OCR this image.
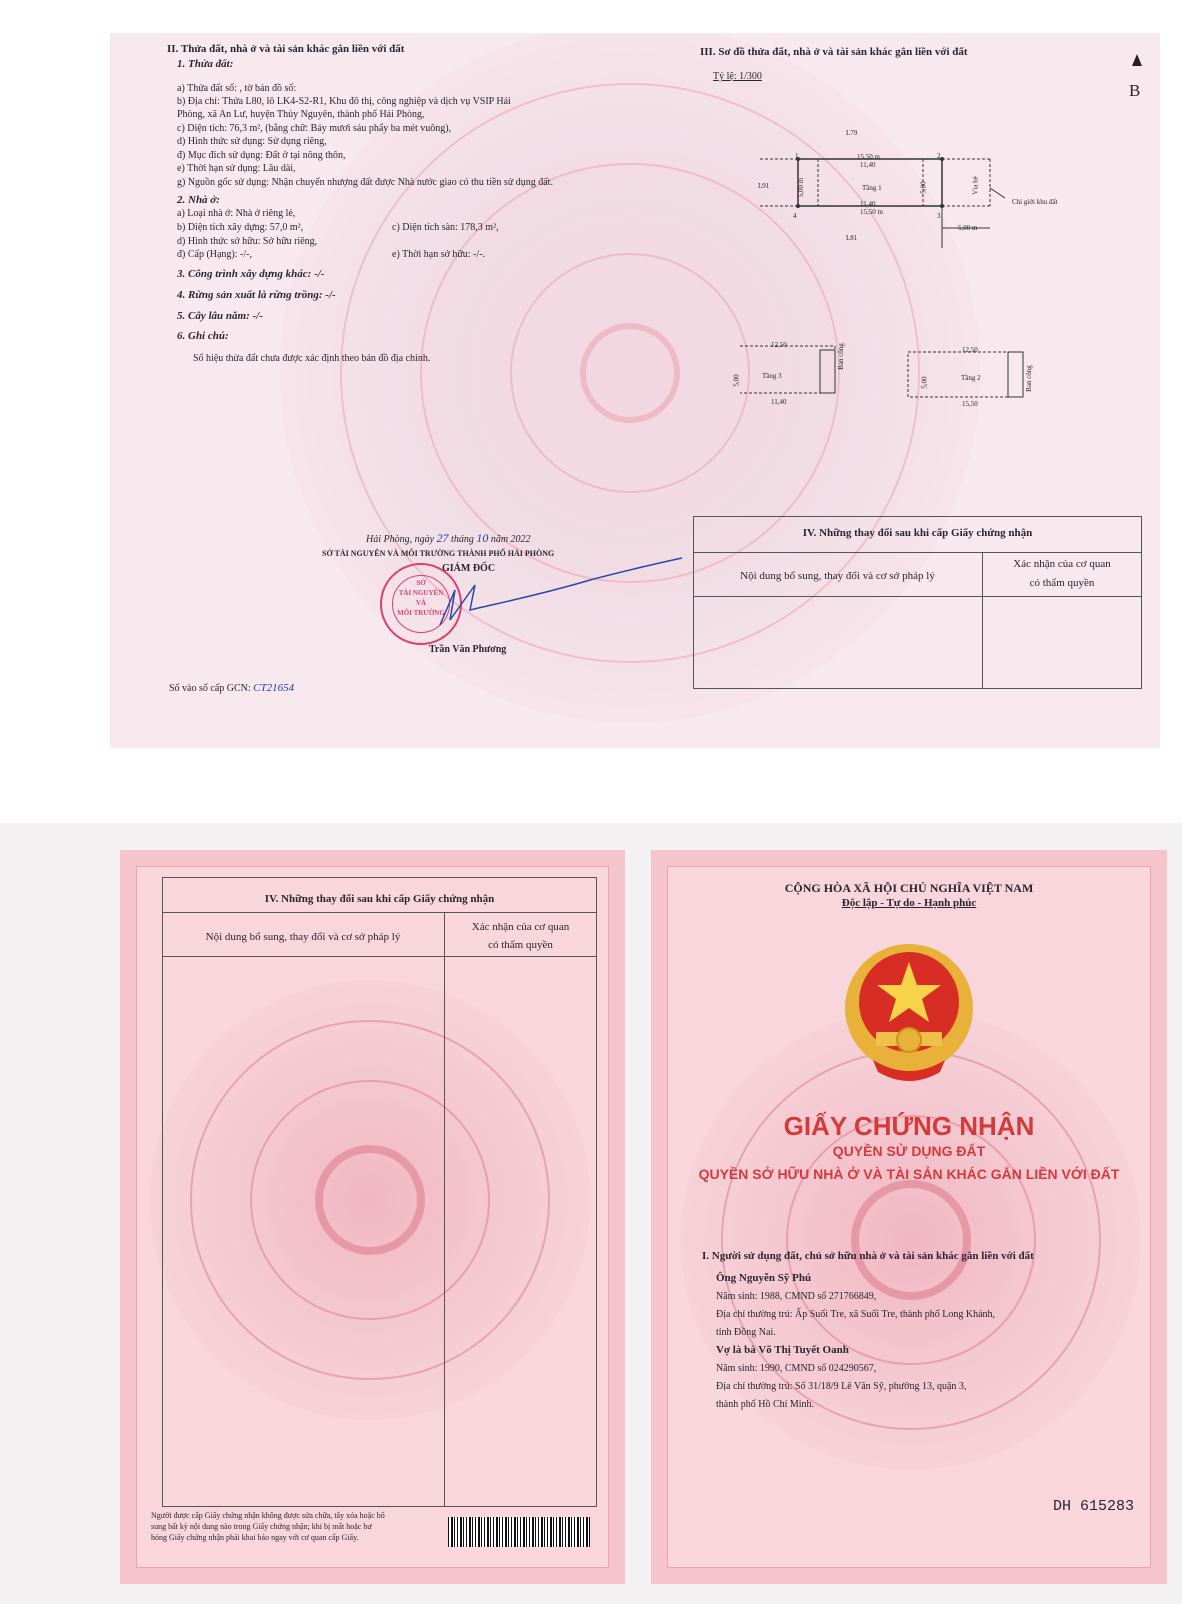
II. Thửa đất, nhà ở và tài sản khác gắn liền với đất
1. Thửa đất:
a) Thửa đất số: , tờ bản đồ số:
b) Địa chỉ: Thửa L80, lô LK4-S2-R1, Khu đô thị, công nghiệp và dịch vụ VSIP Hải
Phòng, xã An Lư, huyện Thủy Nguyên, thành phố Hải Phòng,
c) Diện tích: 76,3 m², (bằng chữ: Bảy mươi sáu phẩy ba mét vuông),
d) Hình thức sử dụng: Sử dụng riêng,
đ) Mục đích sử dụng: Đất ở tại nông thôn,
e) Thời hạn sử dụng: Lâu dài,
g) Nguồn gốc sử dụng: Nhận chuyển nhượng đất được Nhà nước giao có thu tiền sử dụng đất.
2. Nhà ở:
a) Loại nhà ở: Nhà ở riêng lẻ,
b) Diện tích xây dựng: 57,0 m²,	c) Diện tích sàn: 178,3 m²,
d) Hình thức sở hữu: Sở hữu riêng,
đ) Cấp (Hạng): -/-,	e) Thời hạn sở hữu: -/-.
3. Công trình xây dựng khác: -/-
4. Rừng sản xuất là rừng trồng: -/-
5. Cây lâu năm: -/-
6. Ghi chú:
Số hiệu thửa đất chưa được xác định theo bản đồ địa chính.
Hải Phòng, ngày 27 tháng 10 năm 2022
SỞ TÀI NGUYÊN VÀ MÔI TRƯỜNG THÀNH PHỐ HẢI PHÒNG
GIÁM ĐỐC
SỞ
TÀI NGUYÊN
VÀ
MÔI TRƯỜNG
Trần Văn Phương
Số vào sổ cấp GCN: CT21654
III. Sơ đồ thửa đất, nhà ở và tài sản khác gắn liền với đất
Tỷ lệ: 1/300
B
L79
L81
L91	Tầng 1	Vỉa hè
Chỉ giới khu đất
1	2
3
4
15,50 m
11,40
11,40
15,50 m
5,00 m
5,00 m	5,00
Tầng 3
12,50
11,40
Tầng 2
12,50
15,50
Ban công
Ban công
5,00	5,00
IV. Những thay đổi sau khi cấp Giấy chứng nhận
Nội dung bổ sung, thay đổi và cơ sở pháp lý
Xác nhận của cơ quan
có thẩm quyền
IV. Những thay đổi sau khi cấp Giấy chứng nhận
Nội dung bổ sung, thay đổi và cơ sở pháp lý
Xác nhận của cơ quan
có thẩm quyền
Người được cấp Giấy chứng nhận không được sửa chữa, tẩy xóa hoặc bổ
sung bất kỳ nội dung nào trong Giấy chứng nhận; khi bị mất hoặc hư
hỏng Giấy chứng nhận phải khai báo ngay với cơ quan cấp Giấy.
CỘNG HÒA XÃ HỘI CHỦ NGHĨA VIỆT NAM
Độc lập - Tự do - Hạnh phúc
GIẤY CHỨNG NHẬN
QUYỀN SỬ DỤNG ĐẤT
QUYỀN SỞ HỮU NHÀ Ở VÀ TÀI SẢN KHÁC GẮN LIỀN VỚI ĐẤT
I. Người sử dụng đất, chủ sở hữu nhà ở và tài sản khác gắn liền với đất
Ông Nguyễn Sỹ Phú
Năm sinh: 1988, CMND số 271766849,
Địa chỉ thường trú: Ấp Suối Tre, xã Suối Tre, thành phố Long Khánh,
tỉnh Đồng Nai.
Vợ là bà Võ Thị Tuyết Oanh
Năm sinh: 1990, CMND số 024290567,
Địa chỉ thường trú: Số 31/18/9 Lê Văn Sỹ, phường 13, quận 3,
thành phố Hồ Chí Minh.
DH 615283
